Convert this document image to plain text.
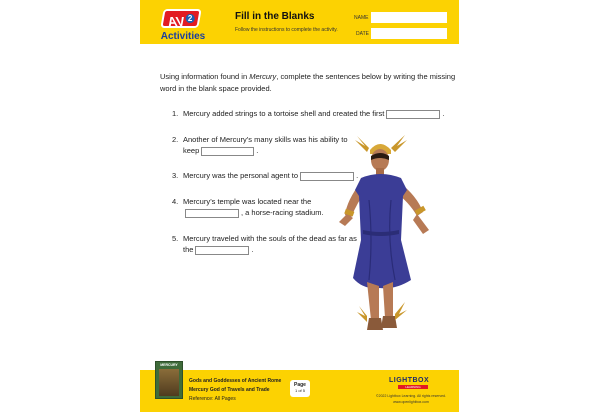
AV $^2$
Activities
Fill in the Blanks
Follow the instructions to complete the activity.
NAME
DATE
Using information found in Mercury, complete the sentences below by writing the missing word in the blank space provided.
1. Mercury added strings to a tortoise shell and created the first	.
2. Another of Mercury’s many skills was his ability to
keep	.
3. Mercury was the personal agent to	.
4. Mercury’s temple was located near the
, a horse-racing stadium.
5. Mercury traveled with the souls of the dead as far as
the	.
MERCURY
Gods and Goddesses of Ancient Rome
Mercury God of Travels and Trade
Reference: All Pages
Page
1 of 5
LIGHTBOX
LEARNING
©2022 Lightbox Learning. All rights reserved.
www.openlightbox.com
